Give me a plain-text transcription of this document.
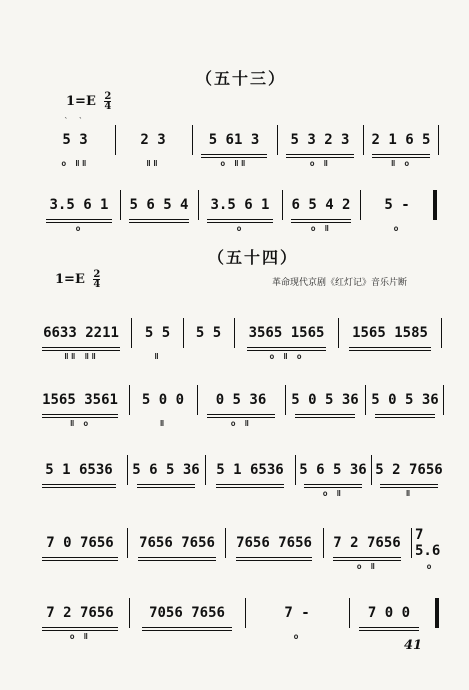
（五十三）
$1=E \frac{2}{4}$
5 3
` `
o ǁǁ
2 3
ǁǁ
5 61 3
o ǁǁ
5 3 2 3
o ǁ
2 1 6 5
ǁ o
3.5 6 1
o
5 6 5 4 3.5 6 1
o
6 5 4 2
o ǁ
5 -
o
（五十四）
$1=E \frac{2}{4}$	革命现代京剧《红灯记》音乐片断
6633 2211
ǁǁ ǁǁ
5 5
ǁ
5 5 3565 1565
o ǁ o
1565 1585
1565 3561
ǁ o
5 0 0
ǁ
0 5 36
o ǁ
5 0 5 36 5 0 5 36
5 1 6536 5 6 5 36 5 1 6536 5 6 5 36
o ǁ
5 2 7656
ǁ
7 0 7656 7656 7656 7656 7656 7 2 7656
o ǁ
7 5.6
o
7 2 7656
o ǁ
7056 7656	7 -
o
7 0 0
41
